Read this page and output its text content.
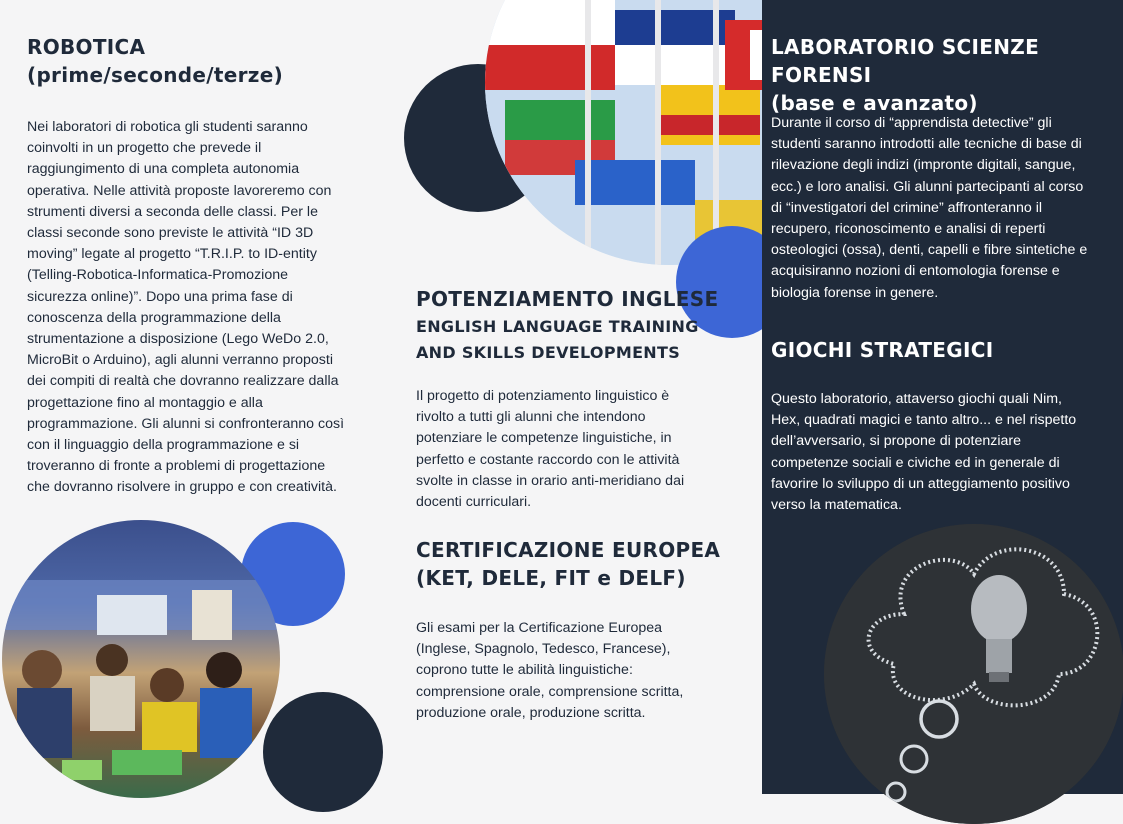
ROBOTICA
(prime/seconde/terze)

Nei laboratori di robotica gli studenti saranno coinvolti in un progetto che prevede il raggiungimento di una completa autonomia operativa. Nelle attività proposte lavoreremo con strumenti diversi a seconda delle classi. Per le classi seconde sono previste le attività “ID 3D moving” legate al progetto “T.R.I.P. to ID-entity (Telling-Robotica-Informatica-Promozione sicurezza online)”. Dopo una prima fase di conoscenza della programmazione della strumentazione a disposizione (Lego WeDo 2.0, MicroBit o Arduino), agli alunni verranno proposti dei compiti di realtà che dovranno realizzare dalla progettazione fino al montaggio e alla programmazione. Gli alunni si confronteranno così con il linguaggio della programmazione e si troveranno di fronte a problemi di progettazione che dovranno risolvere in gruppo e con creatività.

POTENZIAMENTO INGLESE
ENGLISH LANGUAGE TRAINING
AND SKILLS DEVELOPMENTS

Il progetto di potenziamento linguistico è rivolto a tutti gli alunni che intendono potenziare le competenze linguistiche, in perfetto e costante raccordo con le attività svolte in classe in orario anti-meridiano dai docenti curriculari.

CERTIFICAZIONE EUROPEA
(KET, DELE, FIT e DELF)

Gli esami per la Certificazione Europea (Inglese, Spagnolo, Tedesco, Francese), coprono tutte le abilità linguistiche: comprensione orale, comprensione scritta, produzione orale, produzione scritta.

LABORATORIO SCIENZE FORENSI
(base e avanzato)

Durante il corso di “apprendista detective” gli studenti saranno introdotti alle tecniche di base di rilevazione degli indizi (impronte digitali, sangue, ecc.) e loro analisi. Gli alunni partecipanti al corso di “investigatori del crimine” affronteranno il recupero, riconoscimento e analisi di reperti osteologici (ossa), denti, capelli e fibre sintetiche e acquisiranno nozioni di entomologia forense e biologia forense in genere.

GIOCHI STRATEGICI

Questo laboratorio, attaverso giochi quali Nim, Hex, quadrati magici e tanto altro... e nel rispetto dell’avversario, si propone di potenziare competenze sociali e civiche ed in generale di favorire lo sviluppo di un atteggiamento positivo verso la matematica.
